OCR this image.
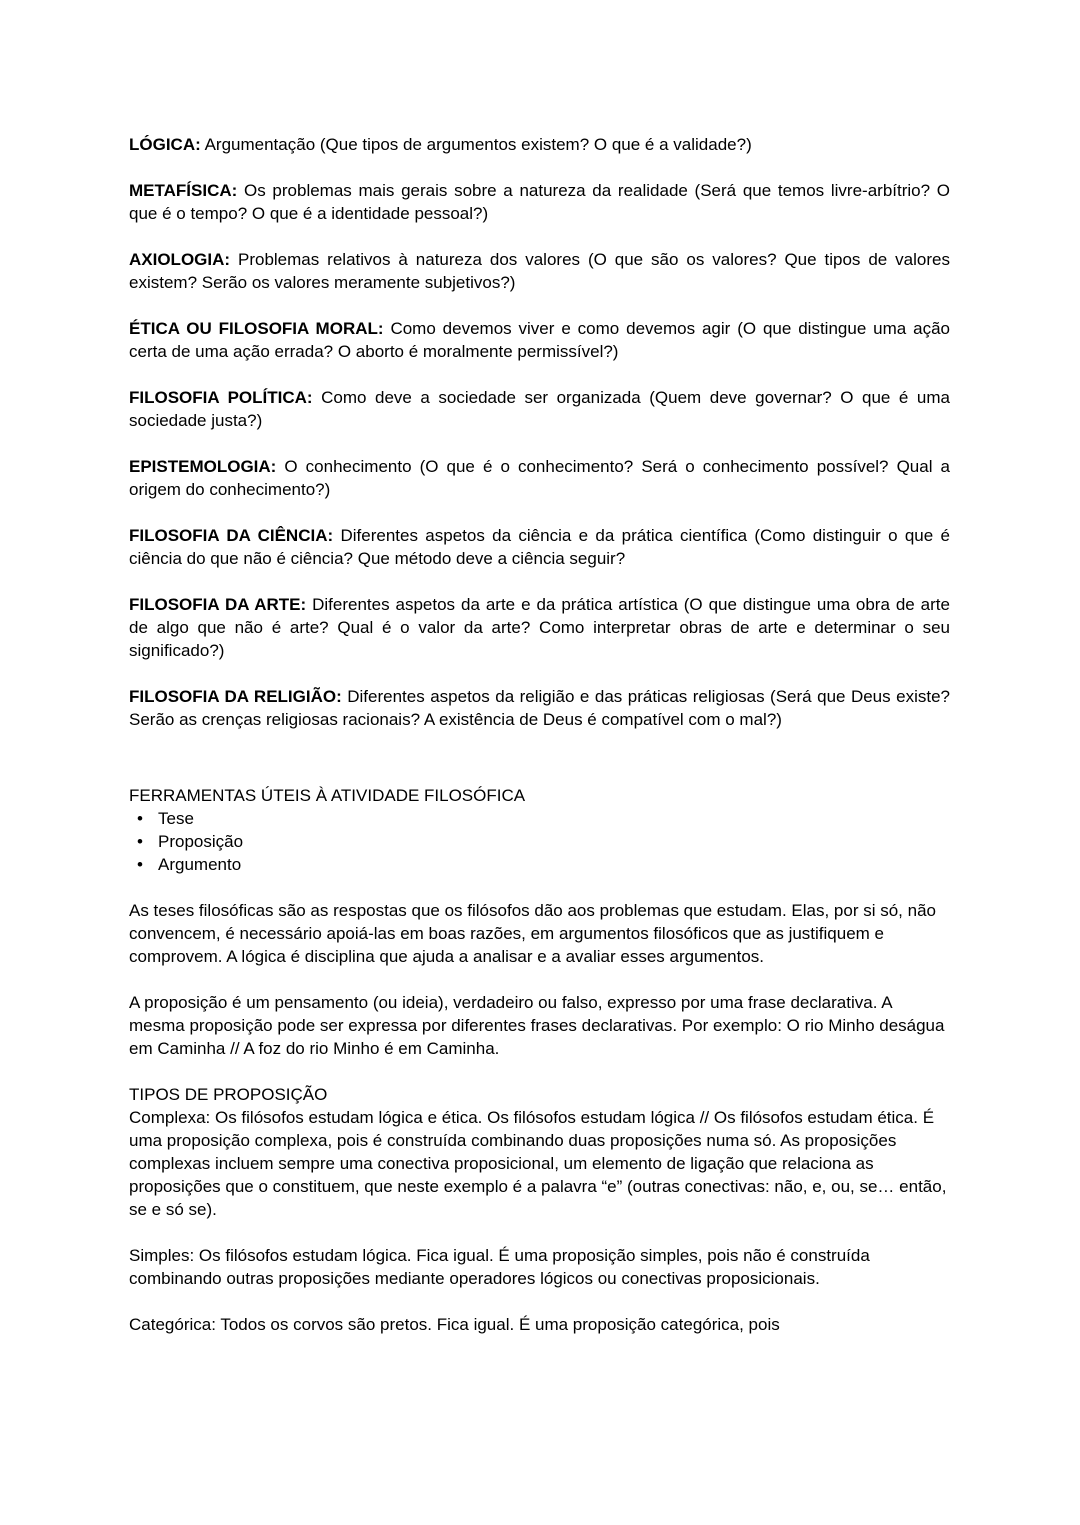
LÓGICA: Argumentação (Que tipos de argumentos existem? O que é a validade?)

METAFÍSICA: Os problemas mais gerais sobre a natureza da realidade (Será que temos livre-arbítrio? O que é o tempo? O que é a identidade pessoal?)

AXIOLOGIA: Problemas relativos à natureza dos valores (O que são os valores? Que tipos de valores existem? Serão os valores meramente subjetivos?)

ÉTICA OU FILOSOFIA MORAL: Como devemos viver e como devemos agir (O que distingue uma ação certa de uma ação errada? O aborto é moralmente permissível?)

FILOSOFIA POLÍTICA: Como deve a sociedade ser organizada (Quem deve governar? O que é uma sociedade justa?)

EPISTEMOLOGIA: O conhecimento (O que é o conhecimento? Será o conhecimento possível? Qual a origem do conhecimento?)

FILOSOFIA DA CIÊNCIA: Diferentes aspetos da ciência e da prática científica (Como distinguir o que é ciência do que não é ciência? Que método deve a ciência seguir?

FILOSOFIA DA ARTE: Diferentes aspetos da arte e da prática artística (O que distingue uma obra de arte de algo que não é arte? Qual é o valor da arte? Como interpretar obras de arte e determinar o seu significado?)

FILOSOFIA DA RELIGIÃO: Diferentes aspetos da religião e das práticas religiosas (Será que Deus existe? Serão as crenças religiosas racionais? A existência de Deus é compatível com o mal?)

FERRAMENTAS ÚTEIS À ATIVIDADE FILOSÓFICA

• Tese
• Proposição
• Argumento

As teses filosóficas são as respostas que os filósofos dão aos problemas que estudam. Elas, por si só, não convencem, é necessário apoiá-las em boas razões, em argumentos filosóficos que as justifiquem e comprovem. A lógica é disciplina que ajuda a analisar e a avaliar esses argumentos.

A proposição é um pensamento (ou ideia), verdadeiro ou falso, expresso por uma frase declarativa. A mesma proposição pode ser expressa por diferentes frases declarativas. Por exemplo: O rio Minho deságua em Caminha // A foz do rio Minho é em Caminha.

TIPOS DE PROPOSIÇÃO

Complexa: Os filósofos estudam lógica e ética. Os filósofos estudam lógica // Os filósofos estudam ética. É uma proposição complexa, pois é construída combinando duas proposições numa só. As proposições complexas incluem sempre uma conectiva proposicional, um elemento de ligação que relaciona as proposições que o constituem, que neste exemplo é a palavra “e” (outras conectivas: não, e, ou, se… então, se e só se).

Simples: Os filósofos estudam lógica. Fica igual. É uma proposição simples, pois não é construída combinando outras proposições mediante operadores lógicos ou conectivas proposicionais.

Categórica: Todos os corvos são pretos. Fica igual. É uma proposição categórica, pois
